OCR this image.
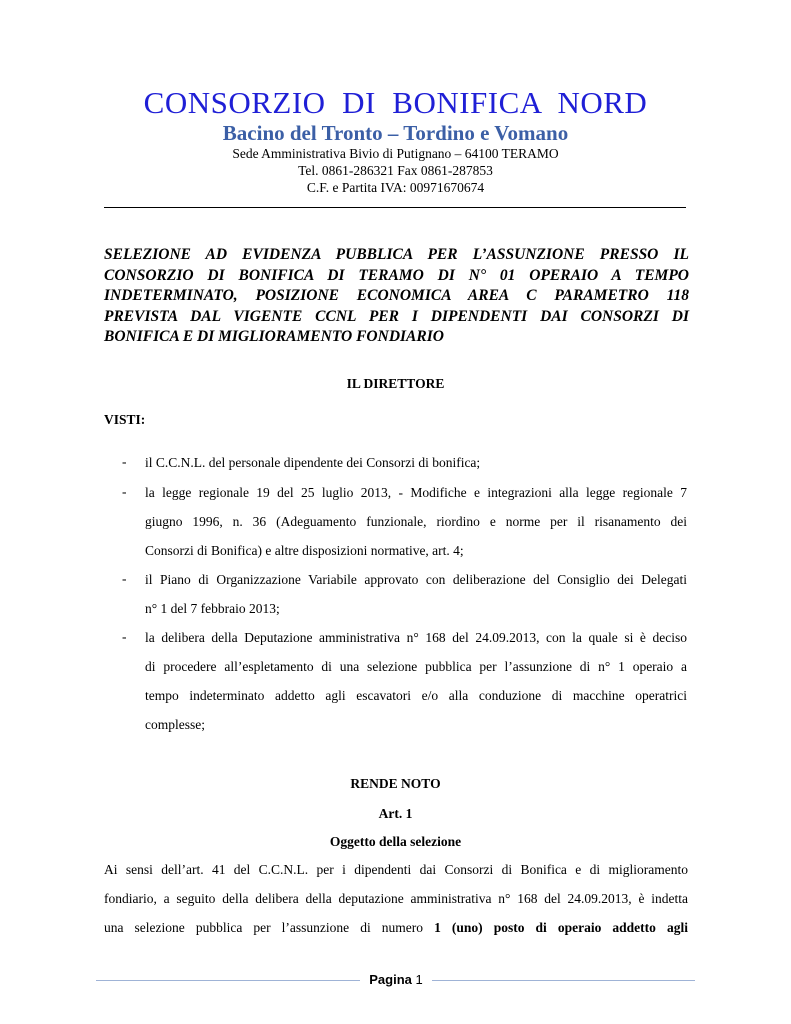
CONSORZIO  DI  BONIFICA  NORD
Bacino del Tronto – Tordino e Vomano
Sede Amministrativa Bivio di Putignano – 64100 TERAMO
Tel. 0861-286321 Fax 0861-287853
C.F. e Partita IVA: 00971670674
SELEZIONE AD EVIDENZA PUBBLICA PER L’ASSUNZIONE PRESSO IL
CONSORZIO DI BONIFICA DI TERAMO DI N° 01 OPERAIO A TEMPO
INDETERMINATO, POSIZIONE ECONOMICA AREA C PARAMETRO 118
PREVISTA DAL VIGENTE CCNL PER I DIPENDENTI DAI CONSORZI DI
BONIFICA E DI MIGLIORAMENTO FONDIARIO
IL DIRETTORE
VISTI:
- il C.C.N.L. del personale dipendente dei Consorzi di bonifica;
- la legge regionale 19 del 25 luglio 2013, - Modifiche e integrazioni alla legge regionale 7
giugno 1996, n. 36 (Adeguamento funzionale, riordino e norme per il risanamento dei
Consorzi di Bonifica) e altre disposizioni normative, art. 4;
- il Piano di Organizzazione Variabile approvato con deliberazione del Consiglio dei Delegati
n° 1 del 7 febbraio 2013;
- la delibera della Deputazione amministrativa n° 168 del 24.09.2013, con la quale si è deciso
di procedere all’espletamento di una selezione pubblica per l’assunzione di n° 1 operaio a
tempo indeterminato addetto agli escavatori e/o alla conduzione di macchine operatrici
complesse;
RENDE NOTO
Art. 1
Oggetto della selezione
Ai sensi dell’art. 41 del C.C.N.L. per i dipendenti dai Consorzi di Bonifica e di miglioramento
fondiario, a seguito della delibera della deputazione amministrativa n° 168 del 24.09.2013, è indetta
una selezione pubblica per l’assunzione di numero 1 (uno) posto di operaio addetto agli
Pagina 1
